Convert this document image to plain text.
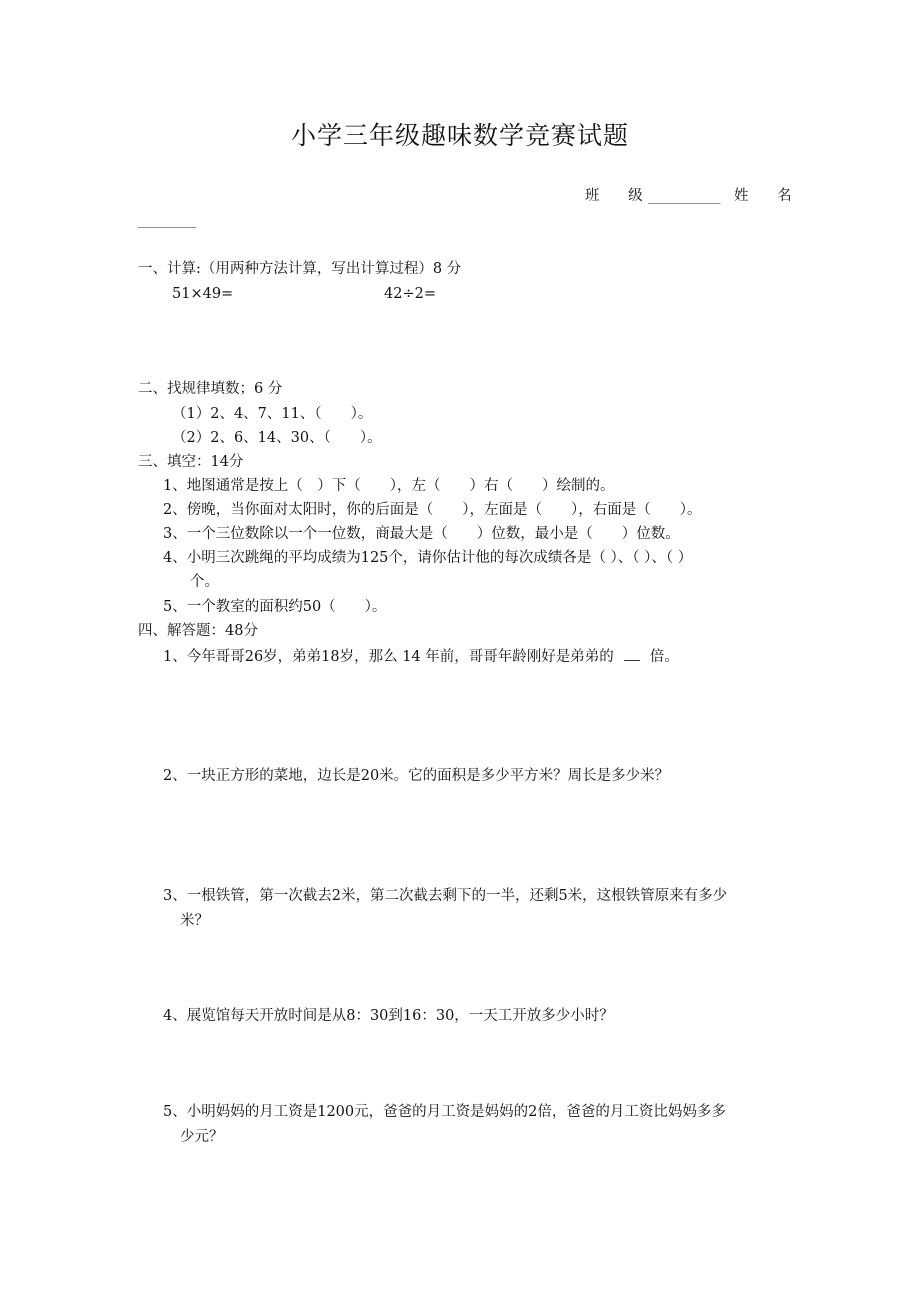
小学三年级趣味数学竞赛试题
班 级
__________ 姓 名
________
一、计算:（用两种方法计算，写出计算过程）8 分
51×49=	42÷2=
二、找规律填数；6 分
（1）2、4、7、11、（　　）。
（2）2、6、14、30、（　　）。
三、填空：14分
1、地图通常是按上（　）下（　　），左（　　）右（　　）绘制的。
2、傍晚，当你面对太阳时，你的后面是（　　），左面是（　　），右面是（　　）。
3、一个三位数除以一个一位数，商最大是（　　）位数，最小是（　　）位数。
4、小明三次跳绳的平均成绩为125个，请你估计他的每次成绩各是（ ）、（ ）、（ ）
个。
5、一个教室的面积约50（　　）。
四、解答题：48分
1、今年哥哥26岁，弟弟18岁，那么 14 年前，哥哥年龄刚好是弟弟的 倍。
2、一块正方形的菜地，边长是20米。它的面积是多少平方米？周长是多少米？
3、一根铁管，第一次截去2米，第二次截去剩下的一半，还剩5米，这根铁管原来有多少
米？
4、展览馆每天开放时间是从8：30到16：30，一天工开放多少小时？
5、小明妈妈的月工资是1200元，爸爸的月工资是妈妈的2倍，爸爸的月工资比妈妈多多
少元？
